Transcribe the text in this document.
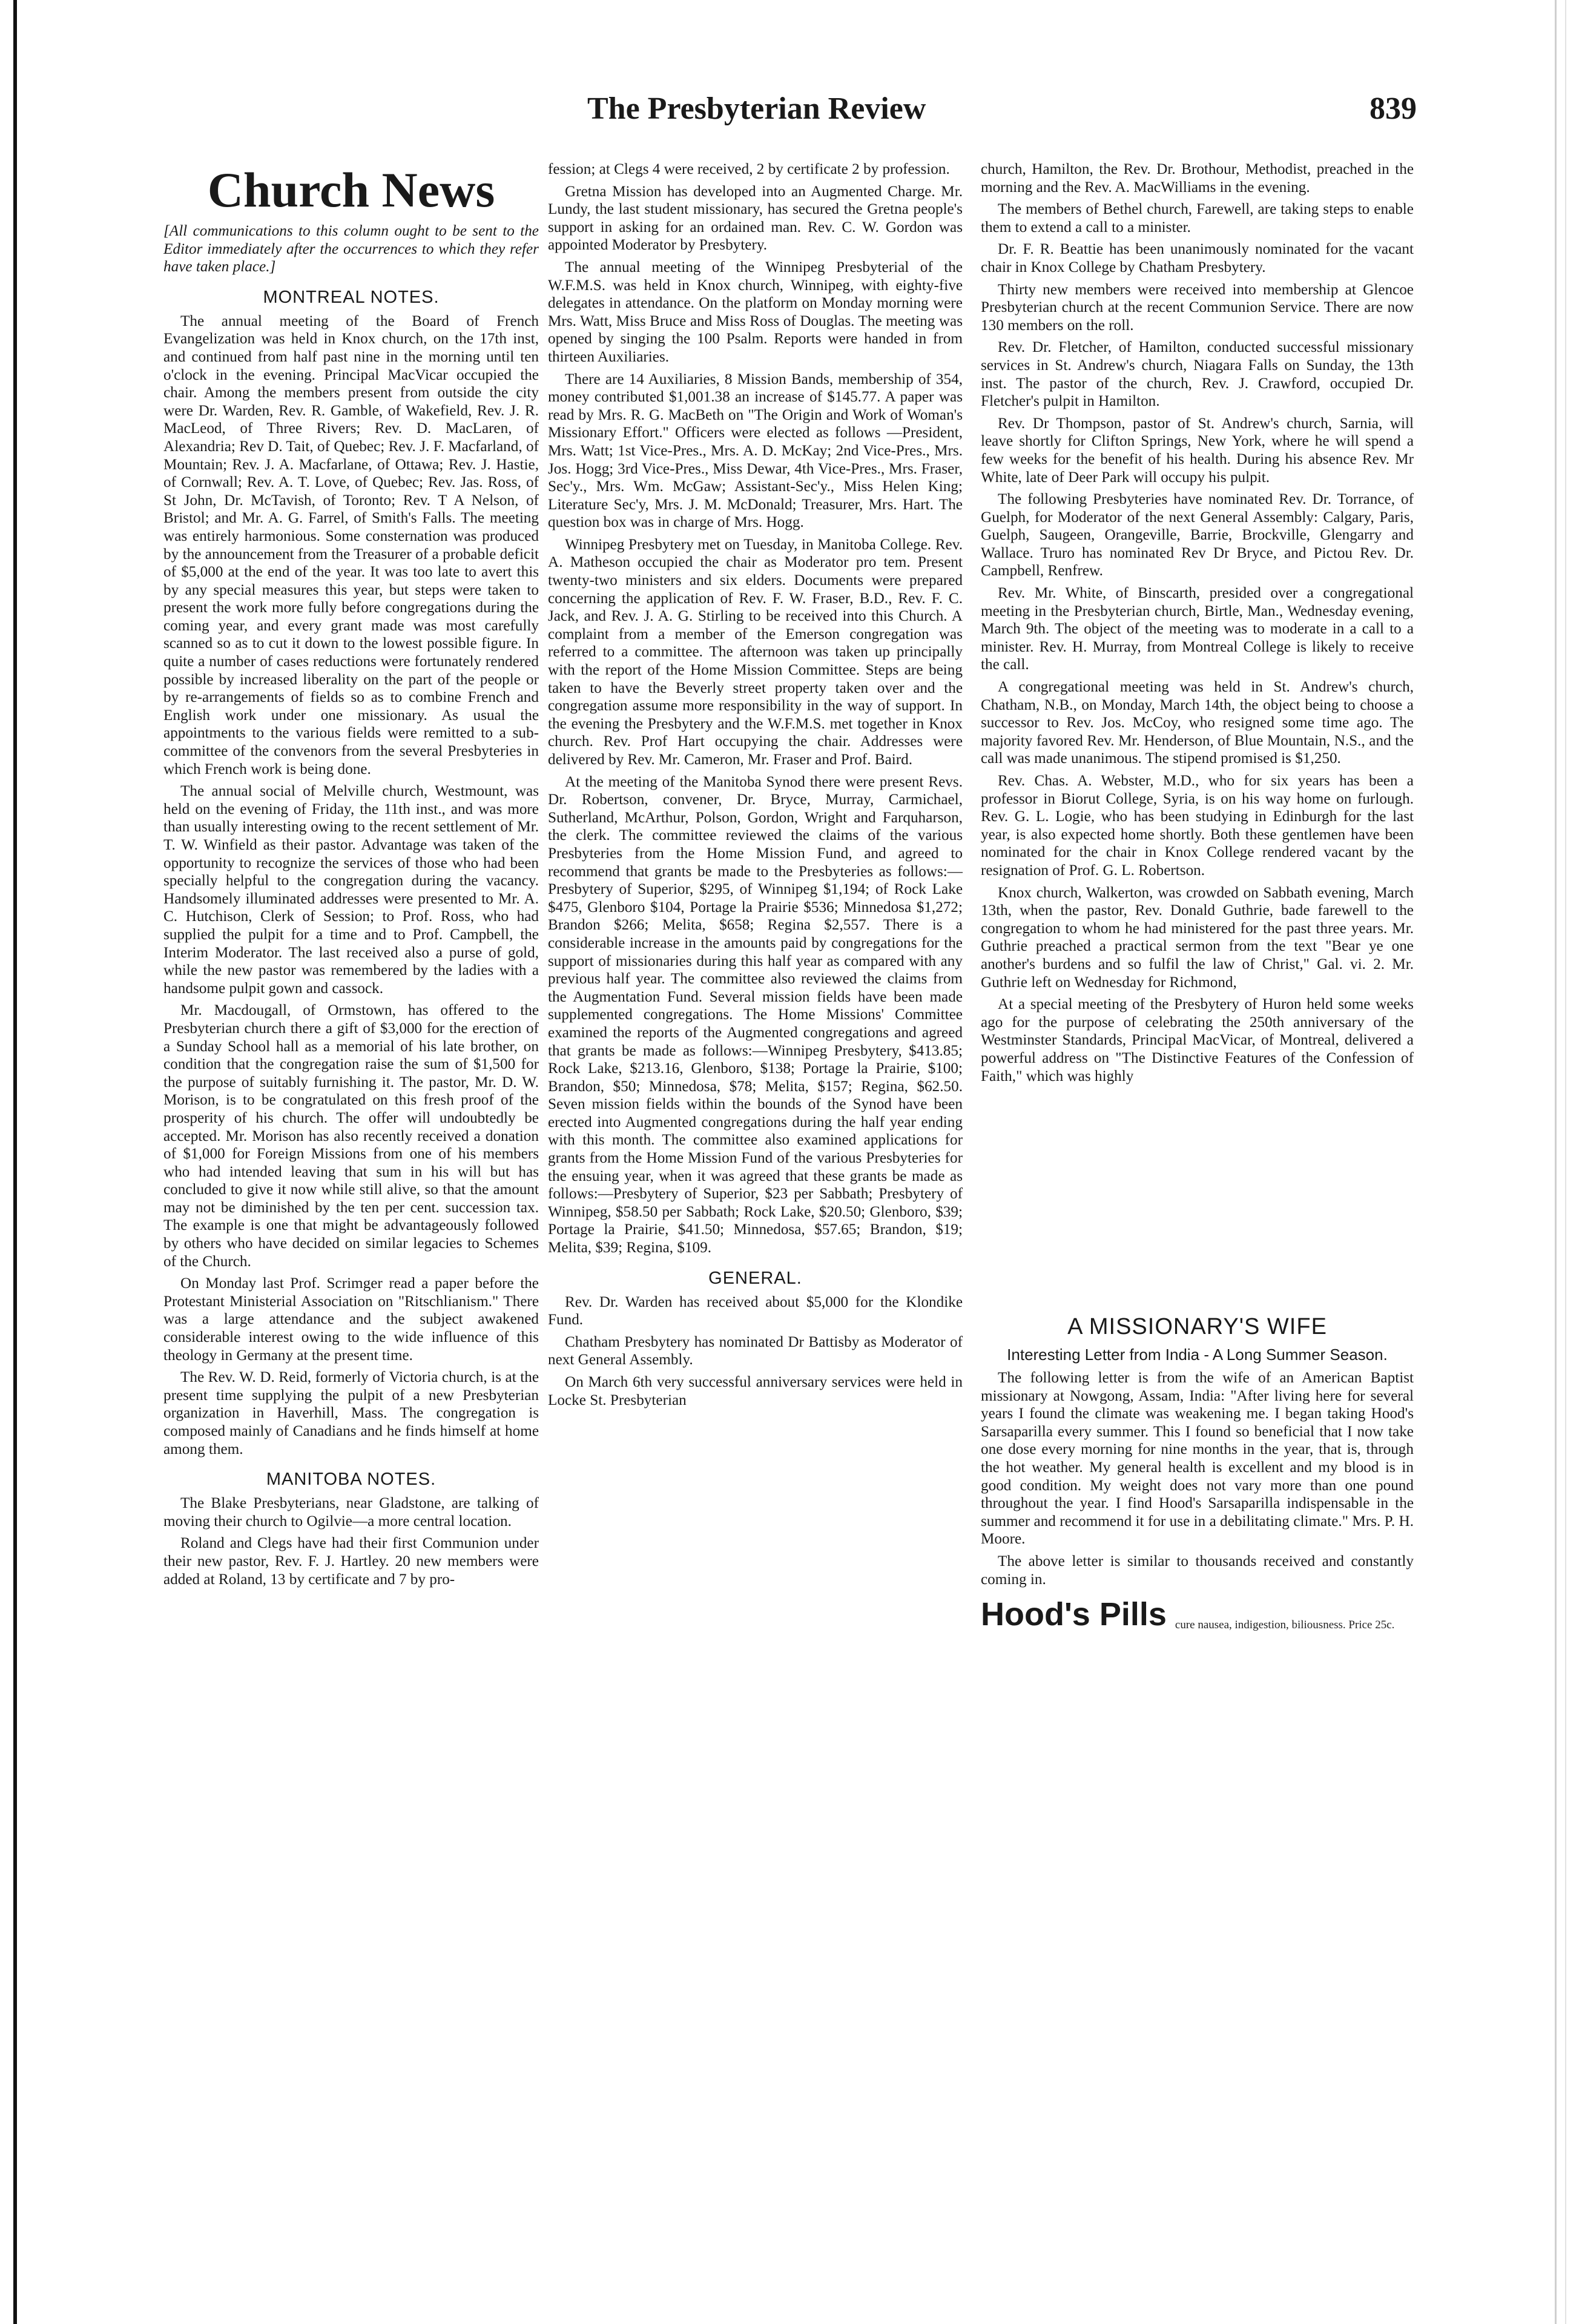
The Presbyterian Review	839
Church News

[All communications to this column ought to be sent to the Editor immediately after the occurrences to which they refer have taken place.]

MONTREAL NOTES.

The annual meeting of the Board of French Evangelization was held in Knox church, on the 17th inst, and continued from half past nine in the morning until ten o'clock in the evening. Principal MacVicar occupied the chair. Among the members present from outside the city were Dr. Warden, Rev. R. Gamble, of Wakefield, Rev. J. R. MacLeod, of Three Rivers; Rev. D. MacLaren, of Alexandria; Rev D. Tait, of Quebec; Rev. J. F. Macfarland, of Mountain; Rev. J. A. Macfarlane, of Ottawa; Rev. J. Hastie, of Cornwall; Rev. A. T. Love, of Quebec; Rev. Jas. Ross, of St John, Dr. McTavish, of Toronto; Rev. T A Nelson, of Bristol; and Mr. A. G. Farrel, of Smith's Falls. The meeting was entirely harmonious. Some consternation was produced by the announcement from the Treasurer of a probable deficit of $5,000 at the end of the year. It was too late to avert this by any special measures this year, but steps were taken to present the work more fully before congregations during the coming year, and every grant made was most carefully scanned so as to cut it down to the lowest possible figure. In quite a number of cases reductions were fortunately rendered possible by increased liberality on the part of the people or by re-arrangements of fields so as to combine French and English work under one missionary. As usual the appointments to the various fields were remitted to a sub-committee of the convenors from the several Presbyteries in which French work is being done.

The annual social of Melville church, Westmount, was held on the evening of Friday, the 11th inst., and was more than usually interesting owing to the recent settlement of Mr. T. W. Winfield as their pastor. Advantage was taken of the opportunity to recognize the services of those who had been specially helpful to the congregation during the vacancy. Handsomely illuminated addresses were presented to Mr. A. C. Hutchison, Clerk of Session; to Prof. Ross, who had supplied the pulpit for a time and to Prof. Campbell, the Interim Moderator. The last received also a purse of gold, while the new pastor was remembered by the ladies with a handsome pulpit gown and cassock.

Mr. Macdougall, of Ormstown, has offered to the Presbyterian church there a gift of $3,000 for the erection of a Sunday School hall as a memorial of his late brother, on condition that the congregation raise the sum of $1,500 for the purpose of suitably furnishing it. The pastor, Mr. D. W. Morison, is to be congratulated on this fresh proof of the prosperity of his church. The offer will undoubtedly be accepted. Mr. Morison has also recently received a donation of $1,000 for Foreign Missions from one of his members who had intended leaving that sum in his will but has concluded to give it now while still alive, so that the amount may not be diminished by the ten per cent. succession tax. The example is one that might be advantageously followed by others who have decided on similar legacies to Schemes of the Church.

On Monday last Prof. Scrimger read a paper before the Protestant Ministerial Association on "Ritschlianism." There was a large attendance and the subject awakened considerable interest owing to the wide influence of this theology in Germany at the present time.

The Rev. W. D. Reid, formerly of Victoria church, is at the present time supplying the pulpit of a new Presbyterian organization in Haverhill, Mass. The congregation is composed mainly of Canadians and he finds himself at home among them.

MANITOBA NOTES.

The Blake Presbyterians, near Gladstone, are talking of moving their church to Ogilvie—a more central location.

Roland and Clegs have had their first Communion under their new pastor, Rev. F. J. Hartley. 20 new members were added at Roland, 13 by certificate and 7 by pro-

fession; at Clegs 4 were received, 2 by certificate 2 by profession.

Gretna Mission has developed into an Augmented Charge. Mr. Lundy, the last student missionary, has secured the Gretna people's support in asking for an ordained man. Rev. C. W. Gordon was appointed Moderator by Presbytery.

The annual meeting of the Winnipeg Presbyterial of the W.F.M.S. was held in Knox church, Winnipeg, with eighty-five delegates in attendance. On the platform on Monday morning were Mrs. Watt, Miss Bruce and Miss Ross of Douglas. The meeting was opened by singing the 100 Psalm. Reports were handed in from thirteen Auxiliaries.

There are 14 Auxiliaries, 8 Mission Bands, membership of 354, money contributed $1,001.38 an increase of $145.77. A paper was read by Mrs. R. G. MacBeth on "The Origin and Work of Woman's Missionary Effort." Officers were elected as follows —President, Mrs. Watt; 1st Vice-Pres., Mrs. A. D. McKay; 2nd Vice-Pres., Mrs. Jos. Hogg; 3rd Vice-Pres., Miss Dewar, 4th Vice-Pres., Mrs. Fraser, Sec'y., Mrs. Wm. McGaw; Assistant-Sec'y., Miss Helen King; Literature Sec'y, Mrs. J. M. McDonald; Treasurer, Mrs. Hart. The question box was in charge of Mrs. Hogg.

Winnipeg Presbytery met on Tuesday, in Manitoba College. Rev. A. Matheson occupied the chair as Moderator pro tem. Present twenty-two ministers and six elders. Documents were prepared concerning the application of Rev. F. W. Fraser, B.D., Rev. F. C. Jack, and Rev. J. A. G. Stirling to be received into this Church. A complaint from a member of the Emerson congregation was referred to a committee. The afternoon was taken up principally with the report of the Home Mission Committee. Steps are being taken to have the Beverly street property taken over and the congregation assume more responsibility in the way of support. In the evening the Presbytery and the W.F.M.S. met together in Knox church. Rev. Prof Hart occupying the chair. Addresses were delivered by Rev. Mr. Cameron, Mr. Fraser and Prof. Baird.

At the meeting of the Manitoba Synod there were present Revs. Dr. Robertson, convener, Dr. Bryce, Murray, Carmichael, Sutherland, McArthur, Polson, Gordon, Wright and Farquharson, the clerk. The committee reviewed the claims of the various Presbyteries from the Home Mission Fund, and agreed to recommend that grants be made to the Presbyteries as follows:—Presbytery of Superior, $295, of Winnipeg $1,194; of Rock Lake $475, Glenboro $104, Portage la Prairie $536; Minnedosa $1,272; Brandon $266; Melita, $658; Regina $2,557. There is a considerable increase in the amounts paid by congregations for the support of missionaries during this half year as compared with any previous half year. The committee also reviewed the claims from the Augmentation Fund. Several mission fields have been made supplemented congregations. The Home Missions' Committee examined the reports of the Augmented congregations and agreed that grants be made as follows:—Winnipeg Presbytery, $413.85; Rock Lake, $213.16, Glenboro, $138; Portage la Prairie, $100; Brandon, $50; Minnedosa, $78; Melita, $157; Regina, $62.50. Seven mission fields within the bounds of the Synod have been erected into Augmented congregations during the half year ending with this month. The committee also examined applications for grants from the Home Mission Fund of the various Presbyteries for the ensuing year, when it was agreed that these grants be made as follows:—Presbytery of Superior, $23 per Sabbath; Presbytery of Winnipeg, $58.50 per Sabbath; Rock Lake, $20.50; Glenboro, $39; Portage la Prairie, $41.50; Minnedosa, $57.65; Brandon, $19; Melita, $39; Regina, $109.

GENERAL.

Rev. Dr. Warden has received about $5,000 for the Klondike Fund.

Chatham Presbytery has nominated Dr Battisby as Moderator of next General Assembly.

On March 6th very successful anniversary services were held in Locke St. Presbyterian

church, Hamilton, the Rev. Dr. Brothour, Methodist, preached in the morning and the Rev. A. MacWilliams in the evening.

The members of Bethel church, Farewell, are taking steps to enable them to extend a call to a minister.

Dr. F. R. Beattie has been unanimously nominated for the vacant chair in Knox College by Chatham Presbytery.

Thirty new members were received into membership at Glencoe Presbyterian church at the recent Communion Service. There are now 130 members on the roll.

Rev. Dr. Fletcher, of Hamilton, conducted successful missionary services in St. Andrew's church, Niagara Falls on Sunday, the 13th inst. The pastor of the church, Rev. J. Crawford, occupied Dr. Fletcher's pulpit in Hamilton.

Rev. Dr Thompson, pastor of St. Andrew's church, Sarnia, will leave shortly for Clifton Springs, New York, where he will spend a few weeks for the benefit of his health. During his absence Rev. Mr White, late of Deer Park will occupy his pulpit.

The following Presbyteries have nominated Rev. Dr. Torrance, of Guelph, for Moderator of the next General Assembly: Calgary, Paris, Guelph, Saugeen, Orangeville, Barrie, Brockville, Glengarry and Wallace. Truro has nominated Rev Dr Bryce, and Pictou Rev. Dr. Campbell, Renfrew.

Rev. Mr. White, of Binscarth, presided over a congregational meeting in the Presbyterian church, Birtle, Man., Wednesday evening, March 9th. The object of the meeting was to moderate in a call to a minister. Rev. H. Murray, from Montreal College is likely to receive the call.

A congregational meeting was held in St. Andrew's church, Chatham, N.B., on Monday, March 14th, the object being to choose a successor to Rev. Jos. McCoy, who resigned some time ago. The majority favored Rev. Mr. Henderson, of Blue Mountain, N.S., and the call was made unanimous. The stipend promised is $1,250.

Rev. Chas. A. Webster, M.D., who for six years has been a professor in Biorut College, Syria, is on his way home on furlough. Rev. G. L. Logie, who has been studying in Edinburgh for the last year, is also expected home shortly. Both these gentlemen have been nominated for the chair in Knox College rendered vacant by the resignation of Prof. G. L. Robertson.

Knox church, Walkerton, was crowded on Sabbath evening, March 13th, when the pastor, Rev. Donald Guthrie, bade farewell to the congregation to whom he had ministered for the past three years. Mr. Guthrie preached a practical sermon from the text "Bear ye one another's burdens and so fulfil the law of Christ," Gal. vi. 2. Mr. Guthrie left on Wednesday for Richmond,

At a special meeting of the Presbytery of Huron held some weeks ago for the purpose of celebrating the 250th anniversary of the Westminster Standards, Principal MacVicar, of Montreal, delivered a powerful address on "The Distinctive Features of the Confession of Faith," which was highly

A MISSIONARY'S WIFE
Interesting Letter from India - A Long Summer Season.

The following letter is from the wife of an American Baptist missionary at Nowgong, Assam, India: "After living here for several years I found the climate was weakening me. I began taking Hood's Sarsaparilla every summer. This I found so beneficial that I now take one dose every morning for nine months in the year, that is, through the hot weather. My general health is excellent and my blood is in good condition. My weight does not vary more than one pound throughout the year. I find Hood's Sarsaparilla indispensable in the summer and recommend it for use in a debilitating climate." Mrs. P. H. Moore.

The above letter is similar to thousands received and constantly coming in.

Hood's Pills cure nausea, indigestion, biliousness. Price 25c.
